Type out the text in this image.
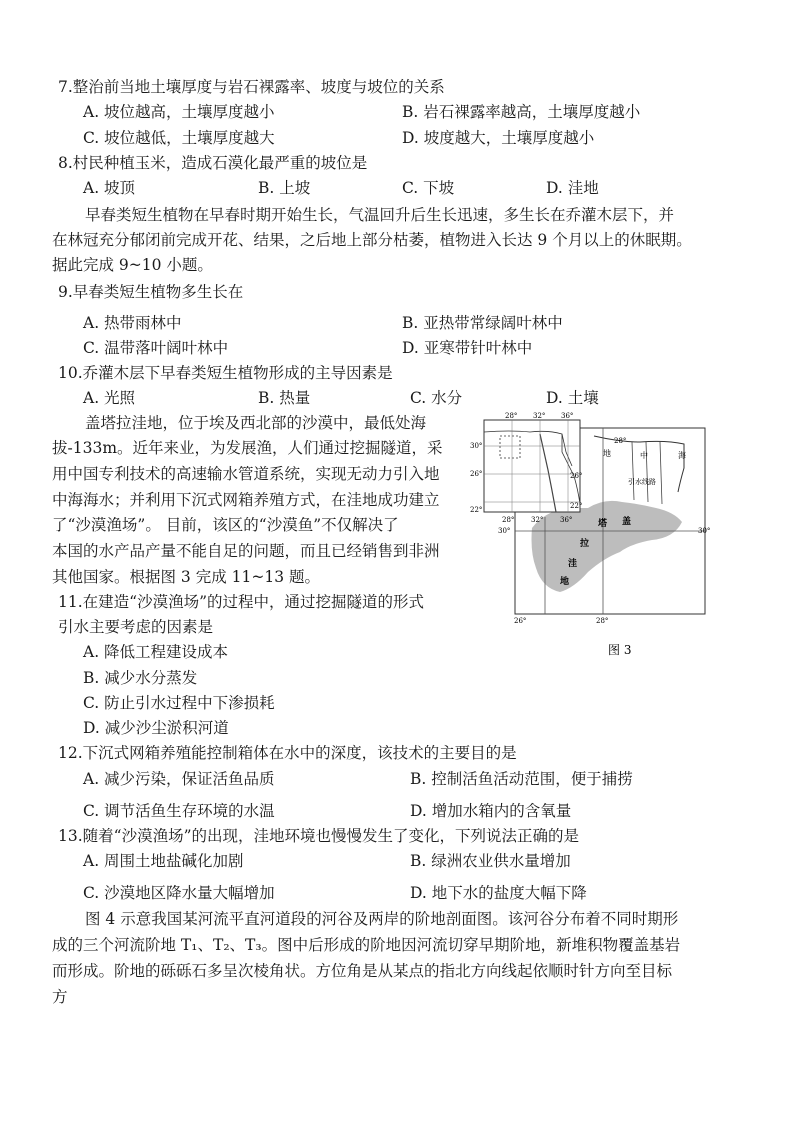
7.整治前当地土壤厚度与岩石裸露率、坡度与坡位的关系
A. 坡位越高，土壤厚度越小	B. 岩石裸露率越高，土壤厚度越小
C. 坡位越低，土壤厚度越大	D. 坡度越大，土壤厚度越小
8.村民种植玉米，造成石漠化最严重的坡位是
A. 坡顶	B. 上坡	C. 下坡	D. 洼地
早春类短生植物在早春时期开始生长，气温回升后生长迅速，多生长在乔灌木层下，并
在林冠充分郁闭前完成开花、结果，之后地上部分枯萎，植物进入长达 9 个月以上的休眠期。
据此完成 9~10 小题。
9.早春类短生植物多生长在
A. 热带雨林中	B. 亚热带常绿阔叶林中
C. 温带落叶阔叶林中	D. 亚寒带针叶林中
10.乔灌木层下早春类短生植物形成的主导因素是
A. 光照	B. 热量	C. 水分	D. 土壤
盖塔拉洼地，位于埃及西北部的沙漠中，最低处海
拔-133m。近年来业，为发展渔，人们通过挖掘隧道，采
用中国专利技术的高速输水管道系统，实现无动力引入地
中海海水；并利用下沉式网箱养殖方式，在洼地成功建立
了“沙漠渔场”。 目前，该区的“沙漠鱼”不仅解决了
本国的水产品产量不能自足的问题，而且已经销售到非洲
其他国家。根据图 3 完成 11~13 题。
28° 32° 36°
30°
26°
22°
26°
22°
28° 32° 36°
28°
30°	30°
26°	28°
地	中	海
引水线路
塔 盖
拉
洼
地
图 3
11.在建造“沙漠渔场”的过程中，通过挖掘隧道的形式
引水主要考虑的因素是
A. 降低工程建设成本
B. 减少水分蒸发
C. 防止引水过程中下渗损耗
D. 减少沙尘淤积河道
12.下沉式网箱养殖能控制箱体在水中的深度，该技术的主要目的是
A. 减少污染，保证活鱼品质	B. 控制活鱼活动范围，便于捕捞
C. 调节活鱼生存环境的水温	D. 增加水箱内的含氧量
13.随着“沙漠渔场”的出现，洼地环境也慢慢发生了变化，下列说法正确的是
A. 周围土地盐碱化加剧	B. 绿洲农业供水量增加
C. 沙漠地区降水量大幅增加	D. 地下水的盐度大幅下降
图 4 示意我国某河流平直河道段的河谷及两岸的阶地剖面图。该河谷分布着不同时期形
成的三个河流阶地 T₁、T₂、T₃。图中后形成的阶地因河流切穿早期阶地，新堆积物覆盖基岩
而形成。阶地的砾砾石多呈次棱角状。方位角是从某点的指北方向线起依顺时针方向至目标
方
